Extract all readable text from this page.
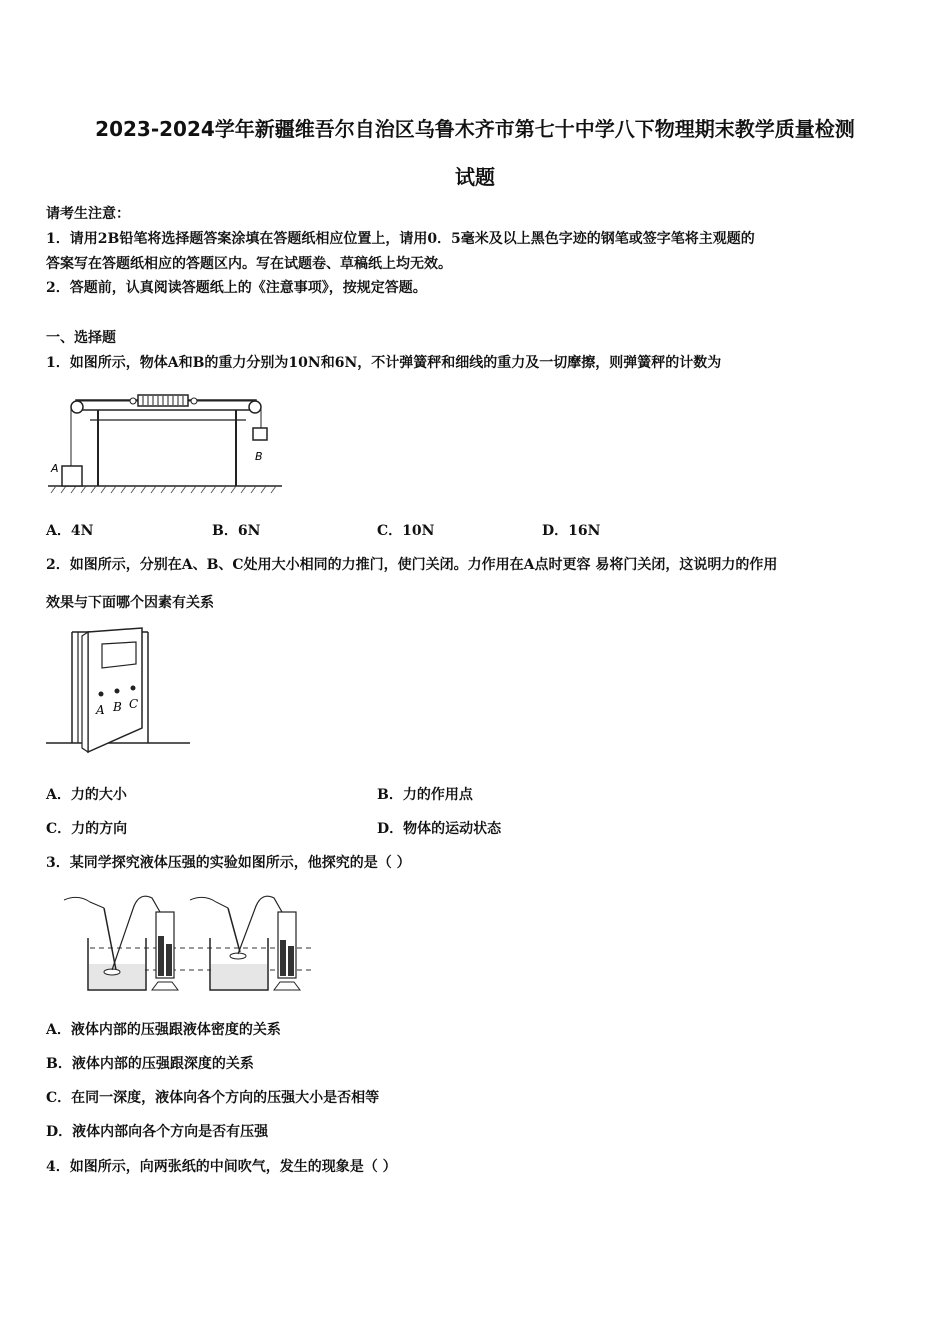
2023-2024学年新疆维吾尔自治区乌鲁木齐市第七十中学八下物理期末教学质量检测
试题
请考生注意：
1．请用2B铅笔将选择题答案涂填在答题纸相应位置上，请用0．5毫米及以上黑色字迹的钢笔或签字笔将主观题的
答案写在答题纸相应的答题区内。写在试题卷、草稿纸上均无效。
2．答题前，认真阅读答题纸上的《注意事项》，按规定答题。
一、选择题
1．如图所示，物体A和B的重力分别为10N和6N，不计弹簧秤和细线的重力及一切摩擦，则弹簧秤的计数为
A
B
A．4N	B．6N	C．10N	D．16N
2．如图所示，分别在A、B、C处用大小相同的力推门，使门关闭。力作用在A点时更容 易将门关闭，这说明力的作用
效果与下面哪个因素有关系
A B C
A．力的大小	B．力的作用点
C．力的方向	D．物体的运动状态
3．某同学探究液体压强的实验如图所示，他探究的是（ ）
A．液体内部的压强跟液体密度的关系
B．液体内部的压强跟深度的关系
C．在同一深度，液体向各个方向的压强大小是否相等
D．液体内部向各个方向是否有压强
4．如图所示，向两张纸的中间吹气，发生的现象是（ ）
